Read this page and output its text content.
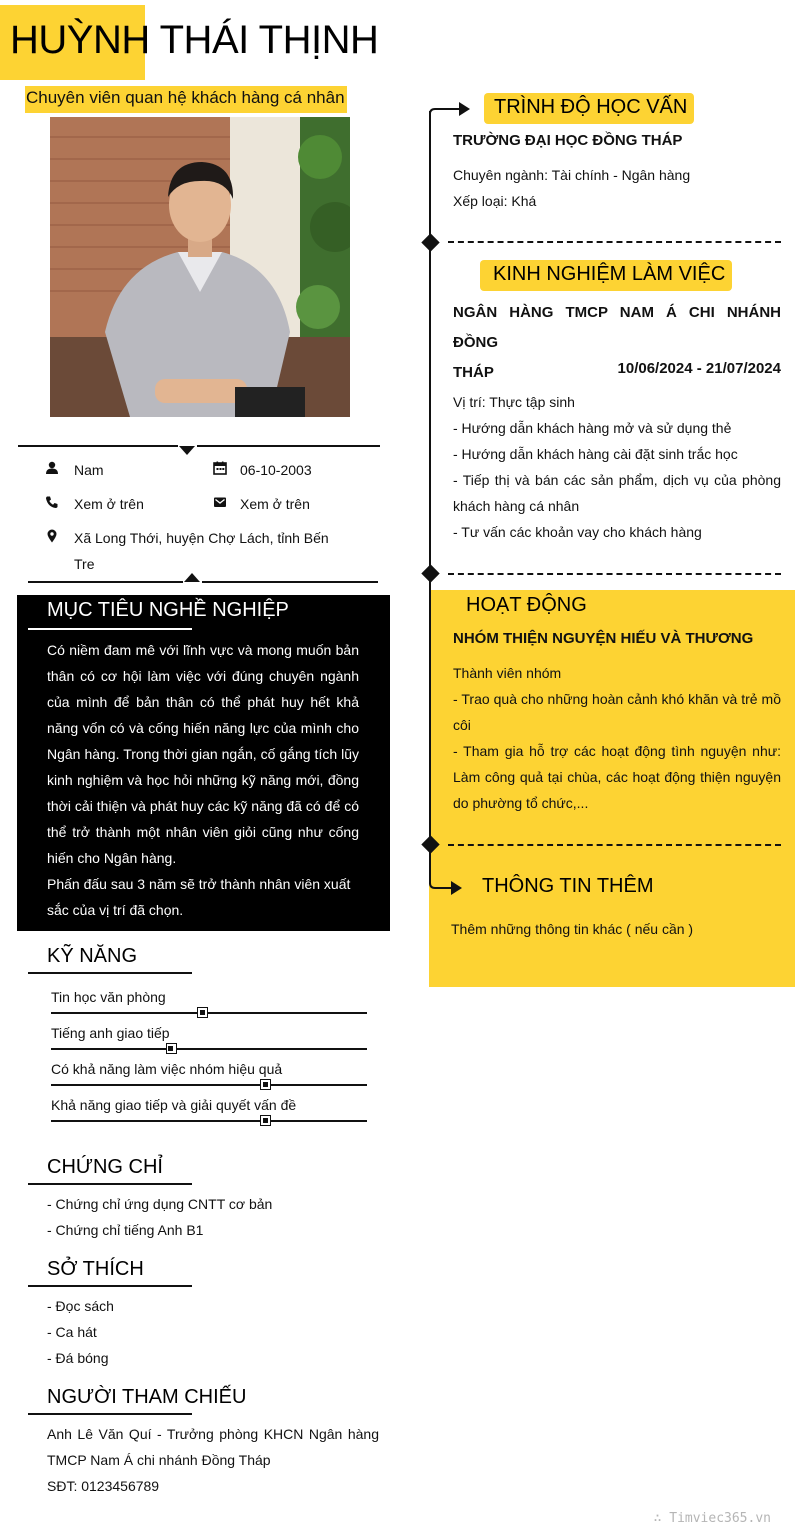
HUỲNH THÁI THỊNH
Chuyên viên quan hệ khách hàng cá nhân
Nam	06-10-2003
Xem ở trên	Xem ở trên
Xã Long Thới, huyện Chợ Lách, tỉnh Bến
Tre
MỤC TIÊU NGHỀ NGHIỆP
Có niềm đam mê với lĩnh vực và mong muốn bản thân có cơ hội làm việc với đúng chuyên ngành của mình để bản thân có thể phát huy hết khả năng vốn có và cống hiến năng lực của mình cho Ngân hàng. Trong thời gian ngắn, cố gắng tích lũy kinh nghiệm và học hỏi những kỹ năng mới, đồng thời cải thiện và phát huy các kỹ năng đã có để có thể trở thành một nhân viên giỏi cũng như cống hiến cho Ngân hàng.
Phấn đấu sau 3 năm sẽ trở thành nhân viên xuất sắc của vị trí đã chọn.
KỸ NĂNG
Tin học văn phòng
Tiếng anh giao tiếp
Có khả năng làm việc nhóm hiệu quả
Khả năng giao tiếp và giải quyết vấn đề
CHỨNG CHỈ
- Chứng chỉ ứng dụng CNTT cơ bản
- Chứng chỉ tiếng Anh B1
SỞ THÍCH
- Đọc sách
- Ca hát
- Đá bóng
NGƯỜI THAM CHIẾU
Anh Lê Văn Quí - Trưởng phòng KHCN Ngân hàng
TMCP Nam Á chi nhánh Đồng Tháp
SĐT: 0123456789
TRÌNH ĐỘ HỌC VẤN
TRƯỜNG ĐẠI HỌC ĐỒNG THÁP
Chuyên ngành: Tài chính - Ngân hàng
Xếp loại: Khá
KINH NGHIỆM LÀM VIỆC
NGÂN HÀNG TMCP NAM Á CHI NHÁNH ĐỒNG
THÁP	10/06/2024 - 21/07/2024
Vị trí: Thực tập sinh
- Hướng dẫn khách hàng mở và sử dụng thẻ
- Hướng dẫn khách hàng cài đặt sinh trắc học
- Tiếp thị và bán các sản phẩm, dịch vụ của phòng khách hàng cá nhân
- Tư vấn các khoản vay cho khách hàng
HOẠT ĐỘNG
NHÓM THIỆN NGUYỆN HIẾU VÀ THƯƠNG
Thành viên nhóm
- Trao quà cho những hoàn cảnh khó khăn và trẻ mồ côi
- Tham gia hỗ trợ các hoạt động tình nguyện như: Làm công quả tại chùa, các hoạt động thiện nguyện do phường tổ chức,...
THÔNG TIN THÊM
Thêm những thông tin khác ( nếu cần )
∴ Timviec365.vn
